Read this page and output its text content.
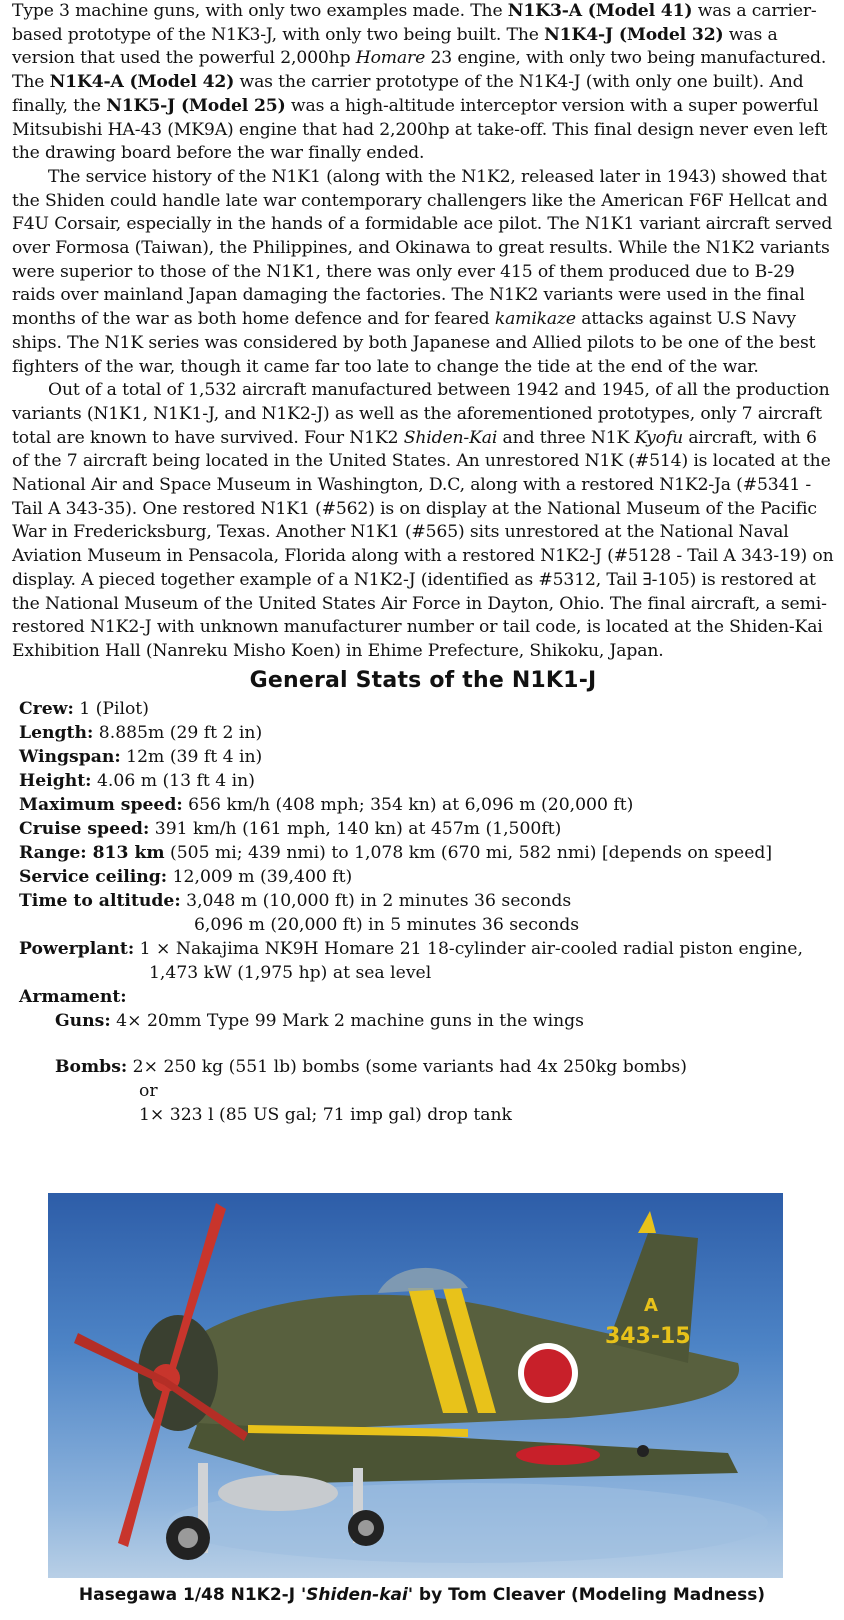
Type 3 machine guns, with only two examples made. The N1K3-A (Model 41) was a carrier-based prototype of the N1K3-J, with only two being built. The N1K4-J (Model 32) was a version that used the powerful 2,000hp Homare 23 engine, with only two being manufactured. The N1K4-A (Model 42) was the carrier prototype of the N1K4-J (with only one built). And finally, the N1K5-J (Model 25) was a high-altitude interceptor version with a super powerful Mitsubishi HA-43 (MK9A) engine that had 2,200hp at take-off. This final design never even left the drawing board before the war finally ended.

The service history of the N1K1 (along with the N1K2, released later in 1943) showed that the Shiden could handle late war contemporary challengers like the American F6F Hellcat and F4U Corsair, especially in the hands of a formidable ace pilot. The N1K1 variant aircraft served over Formosa (Taiwan), the Philippines, and Okinawa to great results. While the N1K2 variants were superior to those of the N1K1, there was only ever 415 of them produced due to B-29 raids over mainland Japan damaging the factories. The N1K2 variants were used in the final months of the war as both home defence and for feared kamikaze attacks against U.S Navy ships. The N1K series was considered by both Japanese and Allied pilots to be one of the best fighters of the war, though it came far too late to change the tide at the end of the war.

Out of a total of 1,532 aircraft manufactured between 1942 and 1945, of all the production variants (N1K1, N1K1-J, and N1K2-J) as well as the aforementioned prototypes, only 7 aircraft total are known to have survived. Four N1K2 Shiden-Kai and three N1K Kyofu aircraft, with 6 of the 7 aircraft being located in the United States. An unrestored N1K (#514) is located at the National Air and Space Museum in Washington, D.C, along with a restored N1K2-Ja (#5341 - Tail A 343-35). One restored N1K1 (#562) is on display at the National Museum of the Pacific War in Fredericksburg, Texas. Another N1K1 (#565) sits unrestored at the National Naval Aviation Museum in Pensacola, Florida along with a restored N1K2-J (#5128 - Tail A 343-19) on display. A pieced together example of a N1K2-J (identified as #5312, Tail ∃-105) is restored at the National Museum of the United States Air Force in Dayton, Ohio. The final aircraft, a semi-restored N1K2-J with unknown manufacturer number or tail code, is located at the Shiden-Kai Exhibition Hall (Nanreku Misho Koen) in Ehime Prefecture, Shikoku, Japan.

General Stats of the N1K1-J
Crew: 1 (Pilot)
Length: 8.885m (29 ft 2 in)
Wingspan: 12m (39 ft 4 in)
Height: 4.06 m (13 ft 4 in)
Maximum speed: 656 km/h (408 mph; 354 kn) at 6,096 m (20,000 ft)
Cruise speed: 391 km/h (161 mph, 140 kn) at 457m (1,500ft)
Range: 813 km (505 mi; 439 nmi) to 1,078 km (670 mi, 582 nmi) [depends on speed]
Service ceiling: 12,009 m (39,400 ft)
Time to altitude: 3,048 m (10,000 ft) in 2 minutes 36 seconds
6,096 m (20,000 ft) in 5 minutes 36 seconds
Powerplant: 1 × Nakajima NK9H Homare 21 18-cylinder air-cooled radial piston engine,
1,473 kW (1,975 hp) at sea level
Armament:
Guns: 4× 20mm Type 99 Mark 2 machine guns in the wings
Bombs: 2× 250 kg (551 lb) bombs (some variants had 4x 250kg bombs)
or
1× 323 l (85 US gal; 71 imp gal) drop tank
343-15
A
Hasegawa 1/48 N1K2-J 'Shiden-kai' by Tom Cleaver (Modeling Madness)
